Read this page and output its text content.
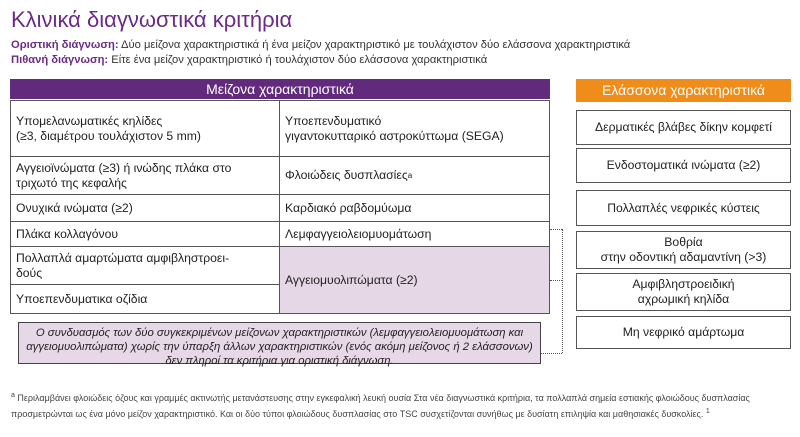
Κλινικά διαγνωστικά κριτήρια
Οριστική διάγνωση: Δύο μείζονα χαρακτηριστικά ή ένα μείζον χαρακτηριστικό με τουλάχιστον δύο ελάσσονα χαρακτηριστικά
Πιθανή διάγνωση: Είτε ένα μείζον χαρακτηριστικό ή τουλάχιστον δύο ελάσσονα χαρακτηριστικά
Μείζονα χαρακτηριστικά	Ελάσσονα χαρακτηριστικά
Υπομελανωματικές κηλίδες
(≥3, διαμέτρου τουλάχιστον 5 mm)
Αγγειοϊνώματα (≥3) ή ινώδης πλάκα στο
τριχωτό της κεφαλής
Ονυχικά ινώματα (≥2)
Πλάκα κολλαγόνου
Πολλαπλά αμαρτώματα αμφιβληστροει-
δούς
Υποεπενδυματικα οζίδια
Υποεπενδυματικό
γιγαντοκυτταρικό αστροκύττωμα (SEGA)
Φλοιώδεις δυσπλασίες a
Καρδιακό ραβδομύωμα
Λεμφαγγειολειομυομάτωση
Αγγειομυολιπώματα (≥2)
Ο συνδυασμός των δύο συγκεκριμένων μείζονων χαρακτηριστικών (λεμφαγγειολειομυομάτωση και αγγειομυολιπώματα) χωρίς την ύπαρξη άλλων χαρακτηριστικών (ενός ακόμη μείζονος ή 2 ελάσσονων) δεν πληροί τα κριτήρια για οριστική διάγνωση.
Δερματικές βλάβες δίκην κομφετί
Ενδοστοματικά ινώματα (≥2)
Πολλαπλές νεφρικές κύστεις
Βοθρία
στην οδοντική αδαμαντίνη (>3)
Αμφιβληστροειδική
αχρωμική κηλίδα
Μη νεφρικό αμάρτωμα
$^a$ Περιλαμβάνει φλοιώδεις όζους και γραμμές ακτινωτής μετανάστευσης στην εγκεφαλική λευκή ουσία Στα νέα διαγνωστικά κριτήρια, τα πολλαπλά σημεία εστιακής φλοιώδους δυσπλασίας προσμετρώνται ως ένα μόνο μείζον χαρακτηριστικό. Και οι δύο τύποι φλοιώδους δυσπλασίας στο TSC συσχετίζονται συνήθως με δυσίατη επιληψία και μαθησιακές δυσκολίες. $^1$
